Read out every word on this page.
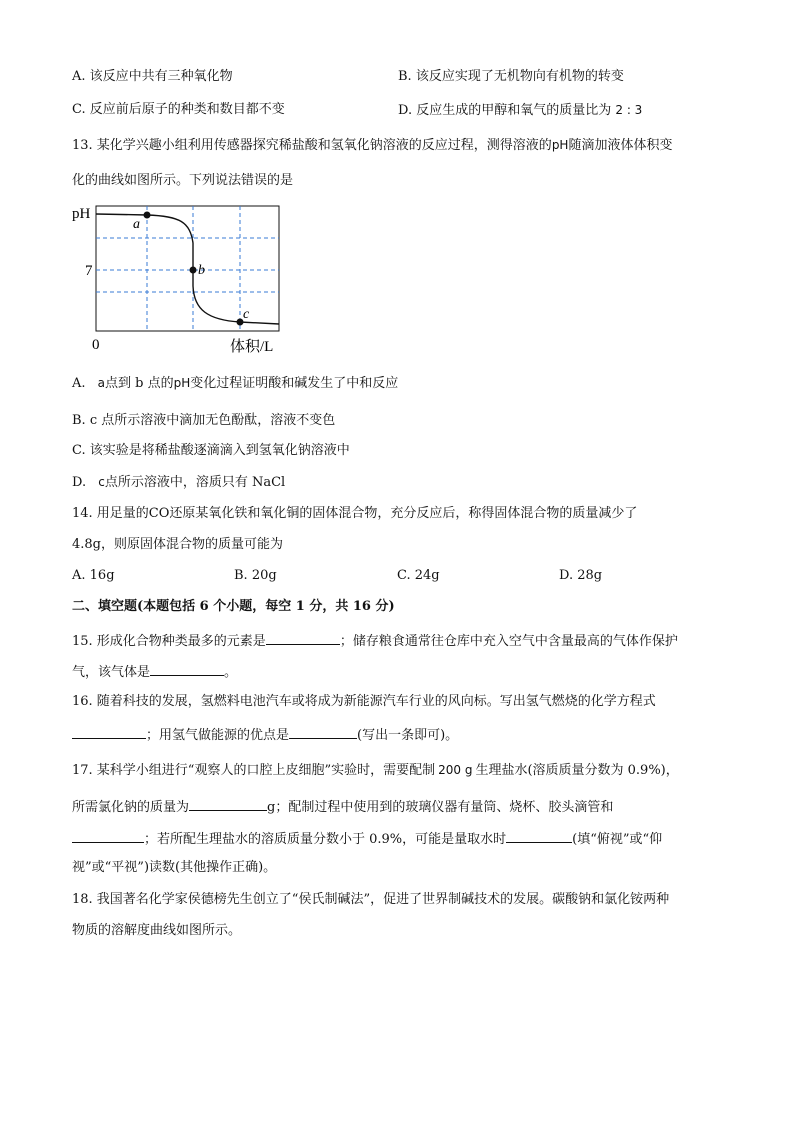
A. 该反应中共有三种氧化物	B. 该反应实现了无机物向有机物的转变
C. 反应前后原子的种类和数目都不变	D. 反应生成的甲醇和氧气的质量比为 2 : 3
13. 某化学兴趣小组利用传感器探究稀盐酸和氢氧化钠溶液的反应过程，测得溶液的pH随滴加液体体积变
化的曲线如图所示。下列说法错误的是
a
b
c
pH
7
0	体积/L
A. a点到 b 点的pH变化过程证明酸和碱发生了中和反应
B. c 点所示溶液中滴加无色酚酞，溶液不变色
C. 该实验是将稀盐酸逐滴滴入到氢氧化钠溶液中
D. c点所示溶液中，溶质只有 NaCl
14. 用足量的CO还原某氧化铁和氧化铜的固体混合物，充分反应后，称得固体混合物的质量减少了
4.8g，则原固体混合物的质量可能为
A. 16g	B. 20g	C. 24g	D. 28g
二、填空题(本题包括 6 个小题，每空 1 分，共 16 分)
15. 形成化合物种类最多的元素是	；储存粮食通常往仓库中充入空气中含量最高的气体作保护
气，该气体是	。
16. 随着科技的发展，氢燃料电池汽车或将成为新能源汽车行业的风向标。写出氢气燃烧的化学方程式
；用氢气做能源的优点是	(写出一条即可)。
17. 某科学小组进行“观察人的口腔上皮细胞”实验时，需要配制 200 g 生理盐水(溶质质量分数为 0.9%)，
所需氯化钠的质量为	g；配制过程中使用到的玻璃仪器有量筒、烧杯、胶头滴管和
；若所配生理盐水的溶质质量分数小于 0.9%，可能是量取水时	(填“俯视”或“仰
视”或“平视”)读数(其他操作正确)。
18. 我国著名化学家侯德榜先生创立了“侯氏制碱法”，促进了世界制碱技术的发展。碳酸钠和氯化铵两种
物质的溶解度曲线如图所示。
